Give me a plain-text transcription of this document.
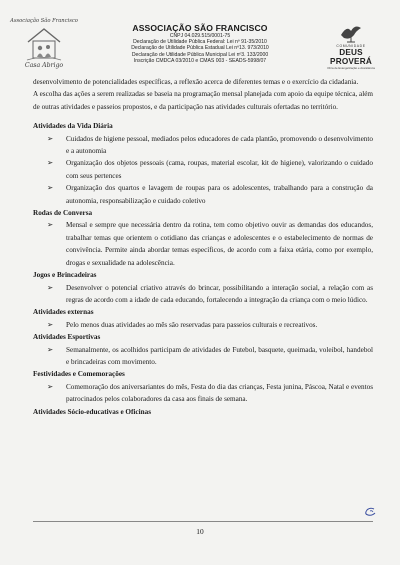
Associação São Francisco
Casa Abrigo
ASSOCIAÇÃO SÃO FRANCISCO
CNPJ 04.029.515/0001-75
Declaração de Utilidade Pública Federal: Lei nº 91-35/2010
Declaração de Utilidade Pública Estadual Lei nº13. 973/2010
Declaração de Utilidade Pública Municipal Lei nº3. 133/2000
Inscrição CMDCA 03/2010 e CMAS 003 - SEADS-5998/07
COMUNIDADE
DEUS PROVERÁ
Obra de Evangelização e Assistência

desenvolvimento de potencialidades específicas, a reflexão acerca de diferentes temas e o exercício da cidadania.

A escolha das ações a serem realizadas se baseia na programação mensal planejada com apoio da equipe técnica, além de outras atividades e passeios propostos, e da participação nas atividades culturais ofertadas no território.

Atividades da Vida Diária

➢ Cuidados de higiene pessoal, mediados pelos educadores de cada plantão, promovendo o desenvolvimento e a autonomia
➢ Organização dos objetos pessoais (cama, roupas, material escolar, kit de higiene), valorizando o cuidado com seus pertences
➢ Organização dos quartos e lavagem de roupas para os adolescentes, trabalhando para a construção da autonomia, responsabilização e cuidado coletivo

Rodas de Conversa

➢ Mensal e sempre que necessária dentro da rotina, tem como objetivo ouvir as demandas dos educandos, trabalhar temas que orientem o cotidiano das crianças e adolescentes e o estabelecimento de normas de convivência. Permite ainda abordar temas específicos, de acordo com a faixa etária, como por exemplo, drogas e sexualidade na adolescência.

Jogos e Brincadeiras

➢ Desenvolver o potencial criativo através do brincar, possibilitando a interação social, a relação com as regras de acordo com a idade de cada educando, fortalecendo a integração da criança com o meio lúdico.

Atividades externas

➢ Pelo menos duas atividades ao mês são reservadas para passeios culturais e recreativos.

Atividades Esportivas

➢ Semanalmente, os acolhidos participam de atividades de Futebol, basquete, queimada, voleibol, handebol e brincadeiras com movimento.

Festividades e Comemorações

➢ Comemoração dos aniversariantes do mês, Festa do dia das crianças, Festa junina, Páscoa, Natal e eventos patrocinados pelos colaboradores da casa aos finais de semana.

Atividades Sócio-educativas e Oficinas

10
